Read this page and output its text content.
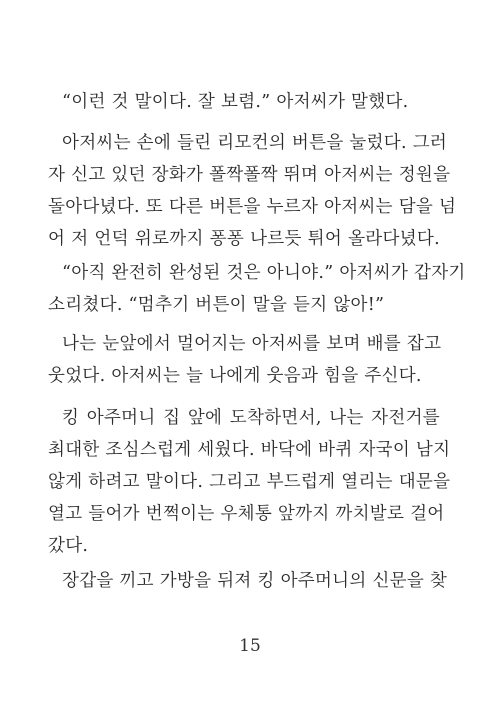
“이런 것 말이다. 잘 보렴.” 아저씨가 말했다.
아저씨는 손에 들린 리모컨의 버튼을 눌렀다. 그러
자 신고 있던 장화가 폴짝폴짝 뛰며 아저씨는 정원을
돌아다녔다. 또 다른 버튼을 누르자 아저씨는 담을 넘
어 저 언덕 위로까지 퐁퐁 나르듯 튀어 올라다녔다.
“아직 완전히 완성된 것은 아니야.” 아저씨가 갑자기
소리쳤다. “멈추기 버튼이 말을 듣지 않아!”
나는 눈앞에서 멀어지는 아저씨를 보며 배를 잡고
웃었다. 아저씨는 늘 나에게 웃음과 힘을 주신다.
킹 아주머니 집 앞에 도착하면서, 나는 자전거를
최대한 조심스럽게 세웠다. 바닥에 바퀴 자국이 남지
않게 하려고 말이다. 그리고 부드럽게 열리는 대문을
열고 들어가 번쩍이는 우체통 앞까지 까치발로 걸어
갔다.
장갑을 끼고 가방을 뒤져 킹 아주머니의 신문을 찾
15
